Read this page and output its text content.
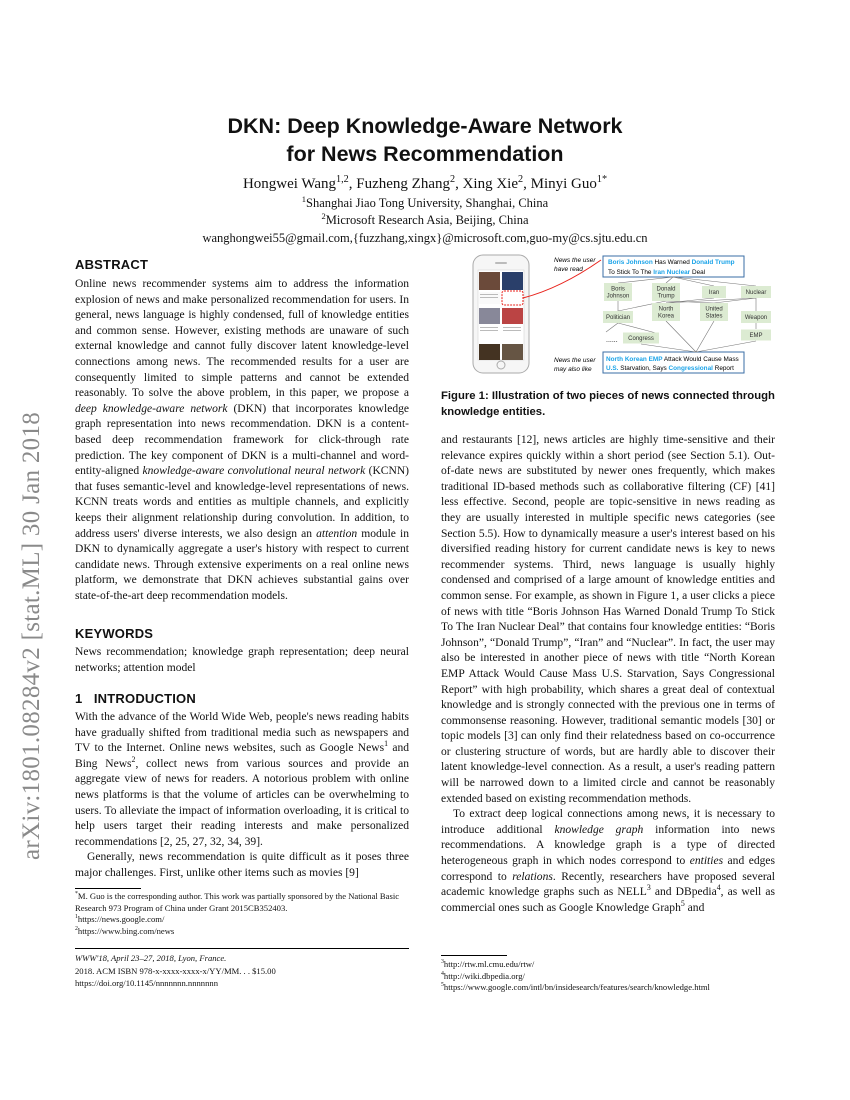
arXiv:1801.08284v2 [stat.ML] 30 Jan 2018
DKN: Deep Knowledge-Aware Network
for News Recommendation
Hongwei Wang$^{1,2}$, Fuzheng Zhang$^2$, Xing Xie$^2$, Minyi Guo$^{1*}$
$^1$Shanghai Jiao Tong University, Shanghai, China
$^2$Microsoft Research Asia, Beijing, China
wanghongwei55@gmail.com,{fuzzhang,xingx}@microsoft.com,guo-my@cs.sjtu.edu.cn
ABSTRACT

Online news recommender systems aim to address the information explosion of news and make personalized recommendation for users. In general, news language is highly condensed, full of knowledge entities and common sense. However, existing methods are unaware of such external knowledge and cannot fully discover latent knowledge-level connections among news. The recommended results for a user are consequently limited to simple patterns and cannot be extended reasonably. To solve the above problem, in this paper, we propose a deep knowledge-aware network (DKN) that incorporates knowledge graph representation into news recommendation. DKN is a content-based deep recommendation framework for click-through rate prediction. The key component of DKN is a multi-channel and word-entity-aligned knowledge-aware convolutional neural network (KCNN) that fuses semantic-level and knowledge-level representations of news. KCNN treats words and entities as multiple channels, and explicitly keeps their alignment relationship during convolution. In addition, to address users' diverse interests, we also design an attention module in DKN to dynamically aggregate a user's history with respect to current candidate news. Through extensive experiments on a real online news platform, we demonstrate that DKN achieves substantial gains over state-of-the-art deep recommendation models.

KEYWORDS

News recommendation; knowledge graph representation; deep neural networks; attention model

1 INTRODUCTION

With the advance of the World Wide Web, people's news reading habits have gradually shifted from traditional media such as newspapers and TV to the Internet. Online news websites, such as Google News$^1$ and Bing News$^2$, collect news from various sources and provide an aggregate view of news for readers. A notorious problem with online news platforms is that the volume of articles can be overwhelming to users. To alleviate the impact of information overloading, it is critical to help users target their reading interests and make personalized recommendations [2, 25, 27, 32, 34, 39].

Generally, news recommendation is quite difficult as it poses three major challenges. First, unlike other items such as movies [9]

*M. Guo is the corresponding author. This work was partially sponsored by the National Basic Research 973 Program of China under Grant 2015CB352403.
$^1$https://news.google.com/
$^2$https://www.bing.com/news
WWW'18, April 23–27, 2018, Lyon, France.
2018. ACM ISBN 978-x-xxxx-xxxx-x/YY/MM. . . $15.00
https://doi.org/10.1145/nnnnnnn.nnnnnnn
News the user
have read
News the user
may also like
Boris Johnson Has Warned Donald Trump
To Stick To The Iran Nuclear Deal
North Korean EMP Attack Would Cause Mass
U.S. Starvation, Says Congressional Report
Boris
Johnson
Donald
Trump
Iran	Nuclear
Politician
North
Korea
United
States	Weapon
Congress	EMP
......
Figure 1: Illustration of two pieces of news connected through knowledge entities.

and restaurants [12], news articles are highly time-sensitive and their relevance expires quickly within a short period (see Section 5.1). Out-of-date news are substituted by newer ones frequently, which makes traditional ID-based methods such as collaborative filtering (CF) [41] less effective. Second, people are topic-sensitive in news reading as they are usually interested in multiple specific news categories (see Section 5.5). How to dynamically measure a user's interest based on his diversified reading history for current candidate news is key to news recommender systems. Third, news language is usually highly condensed and comprised of a large amount of knowledge entities and common sense. For example, as shown in Figure 1, a user clicks a piece of news with title “Boris Johnson Has Warned Donald Trump To Stick To The Iran Nuclear Deal” that contains four knowledge entities: “Boris Johnson”, “Donald Trump”, “Iran” and “Nuclear”. In fact, the user may also be interested in another piece of news with title “North Korean EMP Attack Would Cause Mass U.S. Starvation, Says Congressional Report” with high probability, which shares a great deal of contextual knowledge and is strongly connected with the previous one in terms of commonsense reasoning. However, traditional semantic models [30] or topic models [3] can only find their relatedness based on co-occurrence or clustering structure of words, but are hardly able to discover their latent knowledge-level connection. As a result, a user's reading pattern will be narrowed down to a limited circle and cannot be reasonably extended based on existing recommendation methods.

To extract deep logical connections among news, it is necessary to introduce additional knowledge graph information into news recommendations. A knowledge graph is a type of directed heterogeneous graph in which nodes correspond to entities and edges correspond to relations. Recently, researchers have proposed several academic knowledge graphs such as NELL$^3$ and DBpedia$^4$, as well as commercial ones such as Google Knowledge Graph$^5$ and

$^3$http://rtw.ml.cmu.edu/rtw/
$^4$http://wiki.dbpedia.org/
$^5$https://www.google.com/intl/bn/insidesearch/features/search/knowledge.html
